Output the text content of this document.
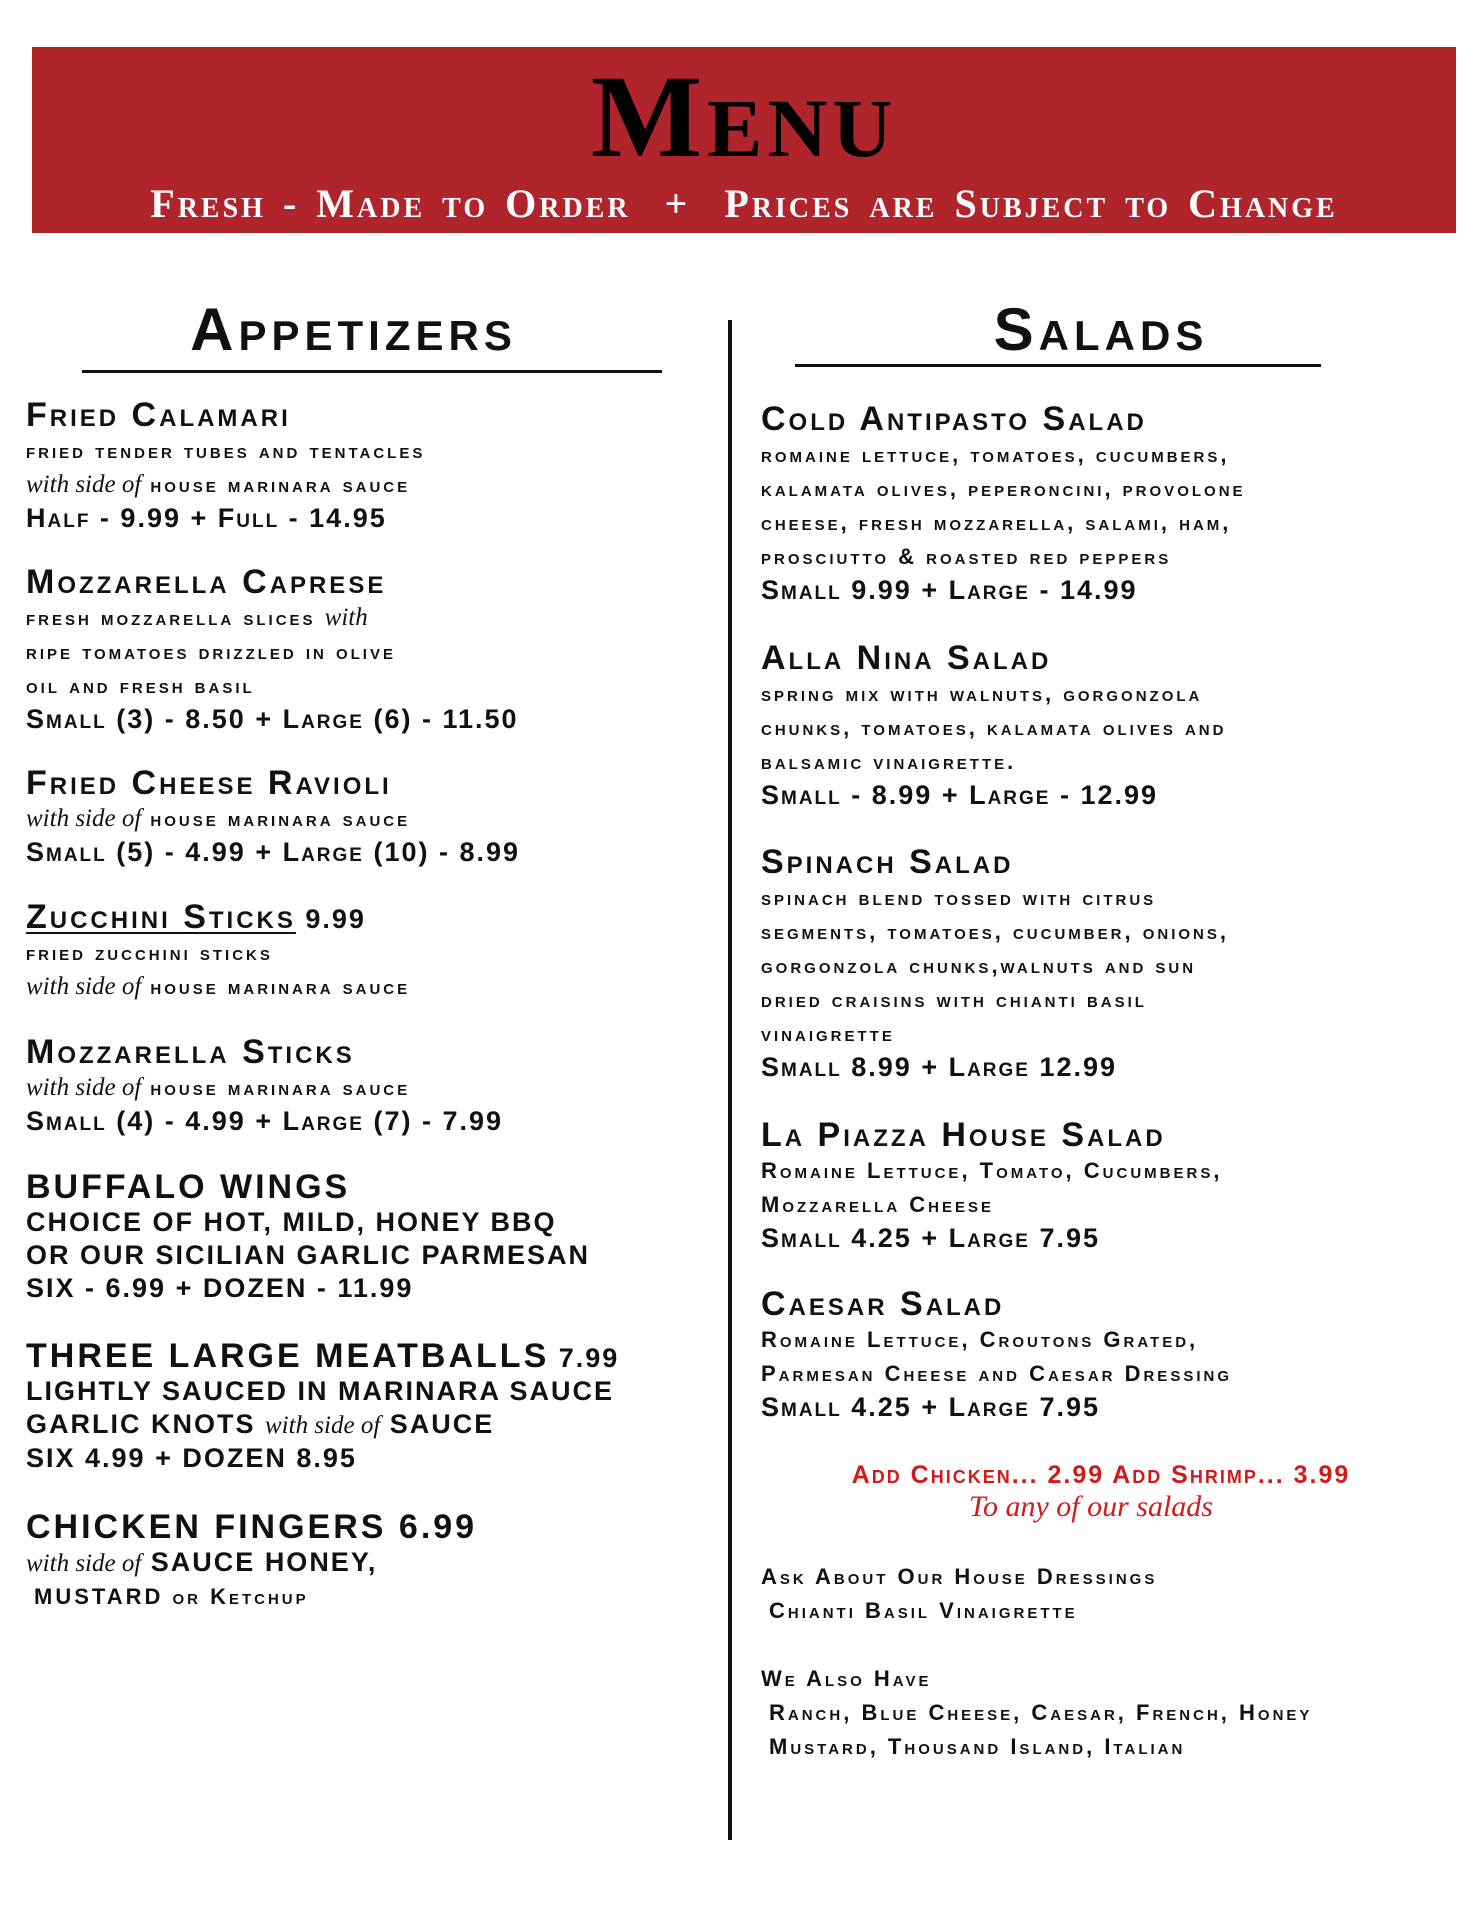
Menu
Fresh - Made to Order  +  Prices are Subject to Change
Appetizers
Fried Calamari
fried tender tubes and tentacles
with side of house marinara sauce
Half - 9.99 + Full - 14.95
Mozzarella Caprese
fresh mozzarella slices with
ripe tomatoes drizzled in olive
oil and fresh basil
Small (3) - 8.50 + Large (6) - 11.50
Fried Cheese Ravioli
with side of house marinara sauce
Small (5) - 4.99 + Large (10) - 8.99
Zucchini Sticks 9.99
fried zucchini sticks
with side of house marinara sauce
Mozzarella Sticks
with side of house marinara sauce
Small (4) - 4.99 + Large (7) - 7.99
BUFFALO WINGS
CHOICE OF HOT, MILD, HONEY BBQ
OR OUR SICILIAN GARLIC PARMESAN
SIX - 6.99 + DOZEN - 11.99
THREE LARGE MEATBALLS 7.99
LIGHTLY SAUCED IN MARINARA SAUCE
GARLIC KNOTS with side of SAUCE
SIX 4.99 + DOZEN 8.95
CHICKEN FINGERS 6.99
with side of SAUCE HONEY,
MUSTARD or Ketchup
Salads
Cold Antipasto Salad
romaine lettuce, tomatoes, cucumbers,
kalamata olives, peperoncini, provolone
cheese, fresh mozzarella, salami, ham,
prosciutto & roasted red peppers
Small 9.99 + Large - 14.99
Alla Nina Salad
spring mix with walnuts, gorgonzola
chunks, tomatoes, kalamata olives and
balsamic vinaigrette.
Small - 8.99 + Large - 12.99
Spinach Salad
spinach blend tossed with citrus
segments, tomatoes, cucumber, onions,
gorgonzola chunks,walnuts and sun
dried craisins with chianti basil
vinaigrette
Small 8.99 + Large 12.99
La Piazza House Salad
Romaine Lettuce, Tomato, Cucumbers,
Mozzarella Cheese
Small 4.25 + Large 7.95
Caesar Salad
Romaine Lettuce, Croutons Grated,
Parmesan Cheese and Caesar Dressing
Small 4.25 + Large 7.95
Add Chicken... 2.99 Add Shrimp... 3.99
To any of our salads
Ask About Our House Dressings
Chianti Basil Vinaigrette
We Also Have
Ranch, Blue Cheese, Caesar, French, Honey
Mustard, Thousand Island, Italian
